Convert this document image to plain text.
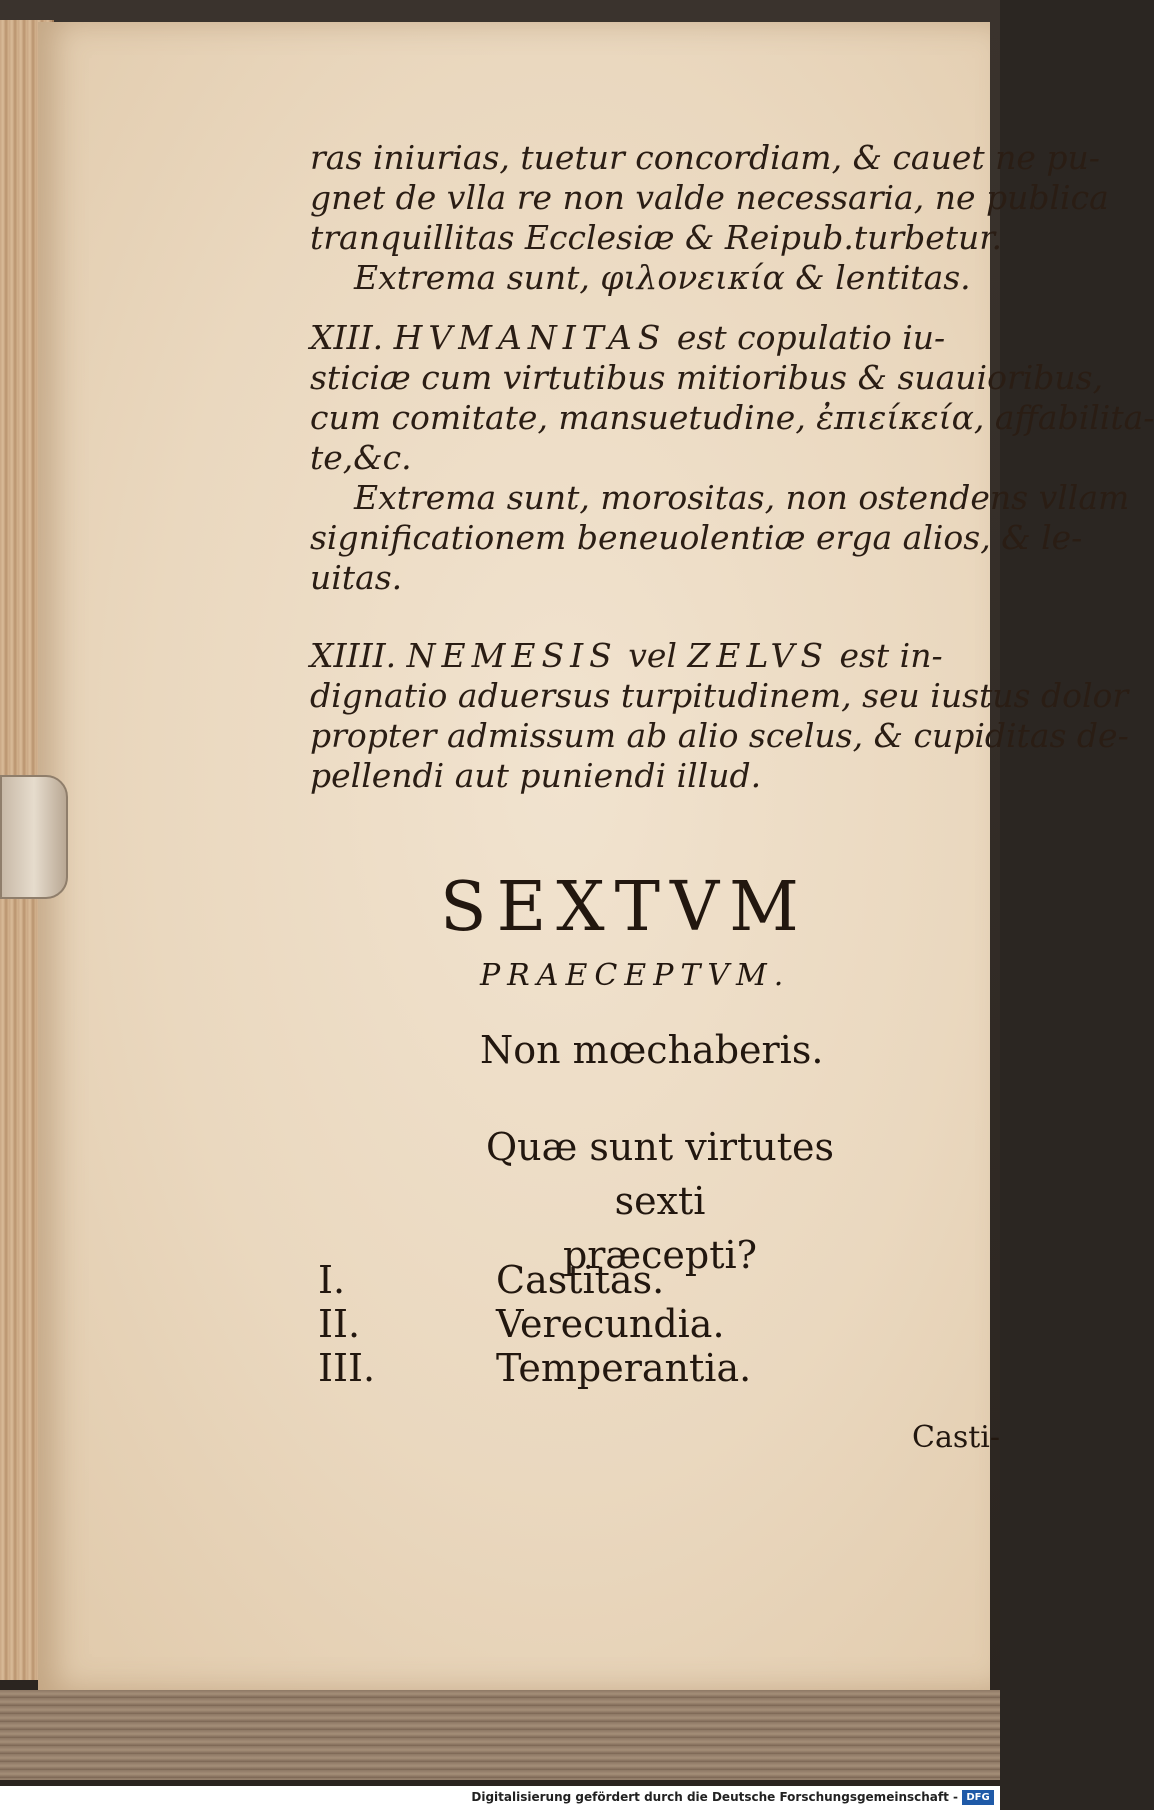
ras iniurias, tuetur concordiam, & cauet ne pu-
gnet de vlla re non valde necessaria, ne publica
tranquillitas Ecclesiæ & Reipub.turbetur.
Extrema sunt, φιλονεικία & lentitas.
XIII. HVMANITAS est copulatio iu-
sticiæ cum virtutibus mitioribus & suauioribus,
cum comitate, mansuetudine, ἐπιείκεία, affabilita-
te,&c.
Extrema sunt, morositas, non ostendens vllam
significationem beneuolentiæ erga alios, & le-
uitas.
XIIII. NEMESIS vel ZELVS est in-
dignatio aduersus turpitudinem, seu iustus dolor
propter admissum ab alio scelus, & cupiditas de-
pellendi aut puniendi illud.
SEXTVM
PRAECEPTVM.
Non mœchaberis.
Quæ sunt virtutes sexti
præcepti?
I.	Castitas.
II.	Verecundia.
III.	Temperantia.
Casti-
Digitalisierung gefördert durch die Deutsche Forschungsgemeinschaft - DFG
